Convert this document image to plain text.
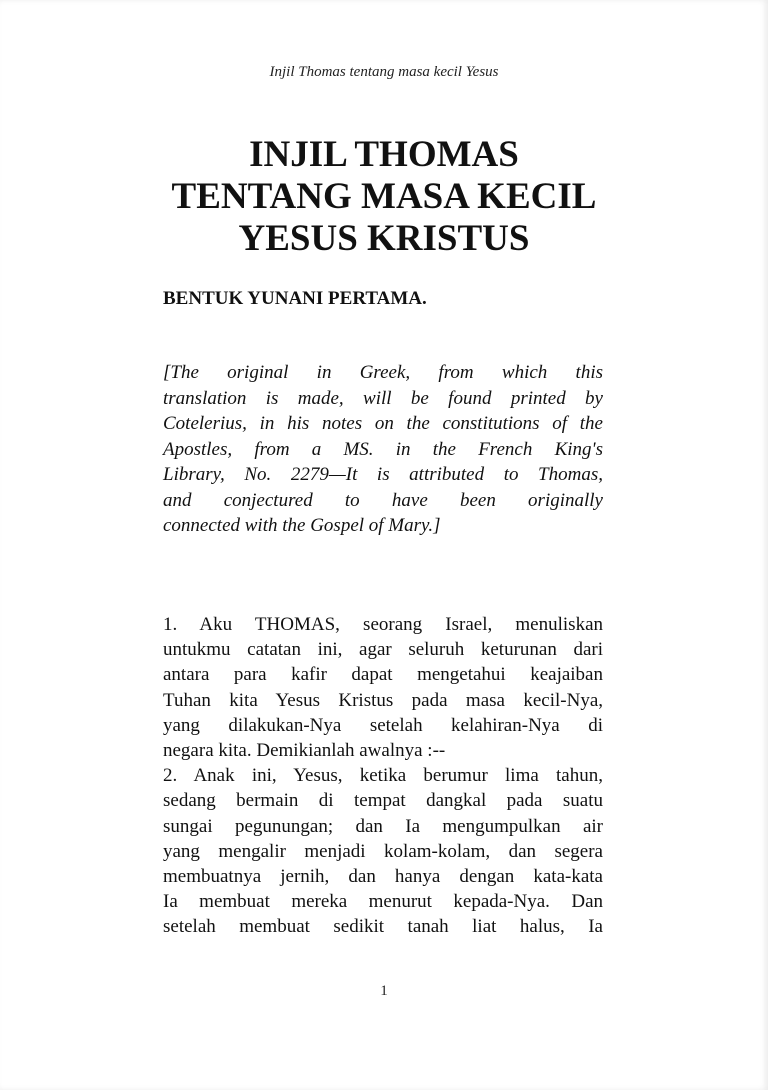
Injil Thomas tentang masa kecil Yesus
INJIL THOMAS
TENTANG MASA KECIL
YESUS KRISTUS
BENTUK YUNANI PERTAMA.
[The original in Greek, from which this
translation is made, will be found printed by
Cotelerius, in his notes on the constitutions of the
Apostles, from a MS. in the French King's
Library, No. 2279—It is attributed to Thomas,
and conjectured to have been originally
connected with the Gospel of Mary.]
1. Aku THOMAS, seorang Israel, menuliskan
untukmu catatan ini, agar seluruh keturunan dari
antara para kafir dapat mengetahui keajaiban
Tuhan kita Yesus Kristus pada masa kecil-Nya,
yang dilakukan-Nya setelah kelahiran-Nya di
negara kita. Demikianlah awalnya :--
2. Anak ini, Yesus, ketika berumur lima tahun,
sedang bermain di tempat dangkal pada suatu
sungai pegunungan; dan Ia mengumpulkan air
yang mengalir menjadi kolam-kolam, dan segera
membuatnya jernih, dan hanya dengan kata-kata
Ia membuat mereka menurut kepada-Nya. Dan
setelah membuat sedikit tanah liat halus, Ia
1
